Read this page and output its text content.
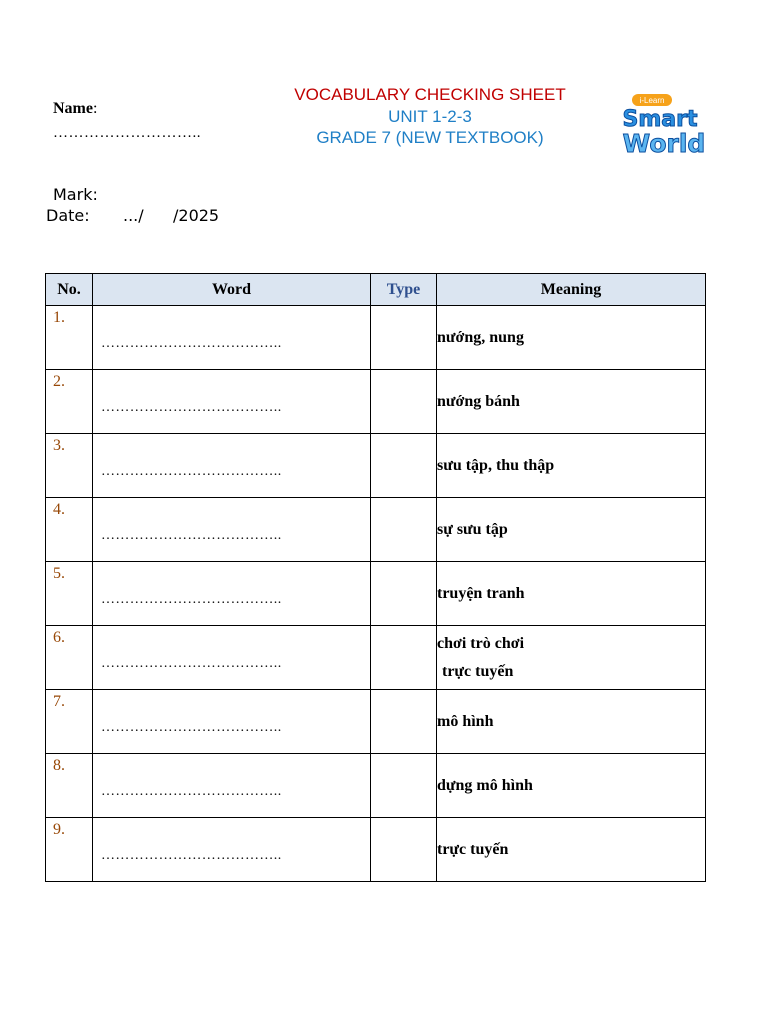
Name:
………………………..
VOCABULARY CHECKING SHEET
UNIT 1-2-3
GRADE 7 (NEW TEXTBOOK)
i-Learn
Smart
World
Mark:
Date: .../ /2025
No.	Word	Type	Meaning

1.	………………………………..		nướng, nung

2.	………………………………..		nướng bánh

3.	………………………………..		sưu tập, thu thập

4.	………………………………..		sự sưu tập

5.	………………………………..		truyện tranh

6.	………………………………..		chơi trò chơi
trực tuyến

7.	………………………………..		mô hình

8.	………………………………..		dựng mô hình

9.	………………………………..		trực tuyến
